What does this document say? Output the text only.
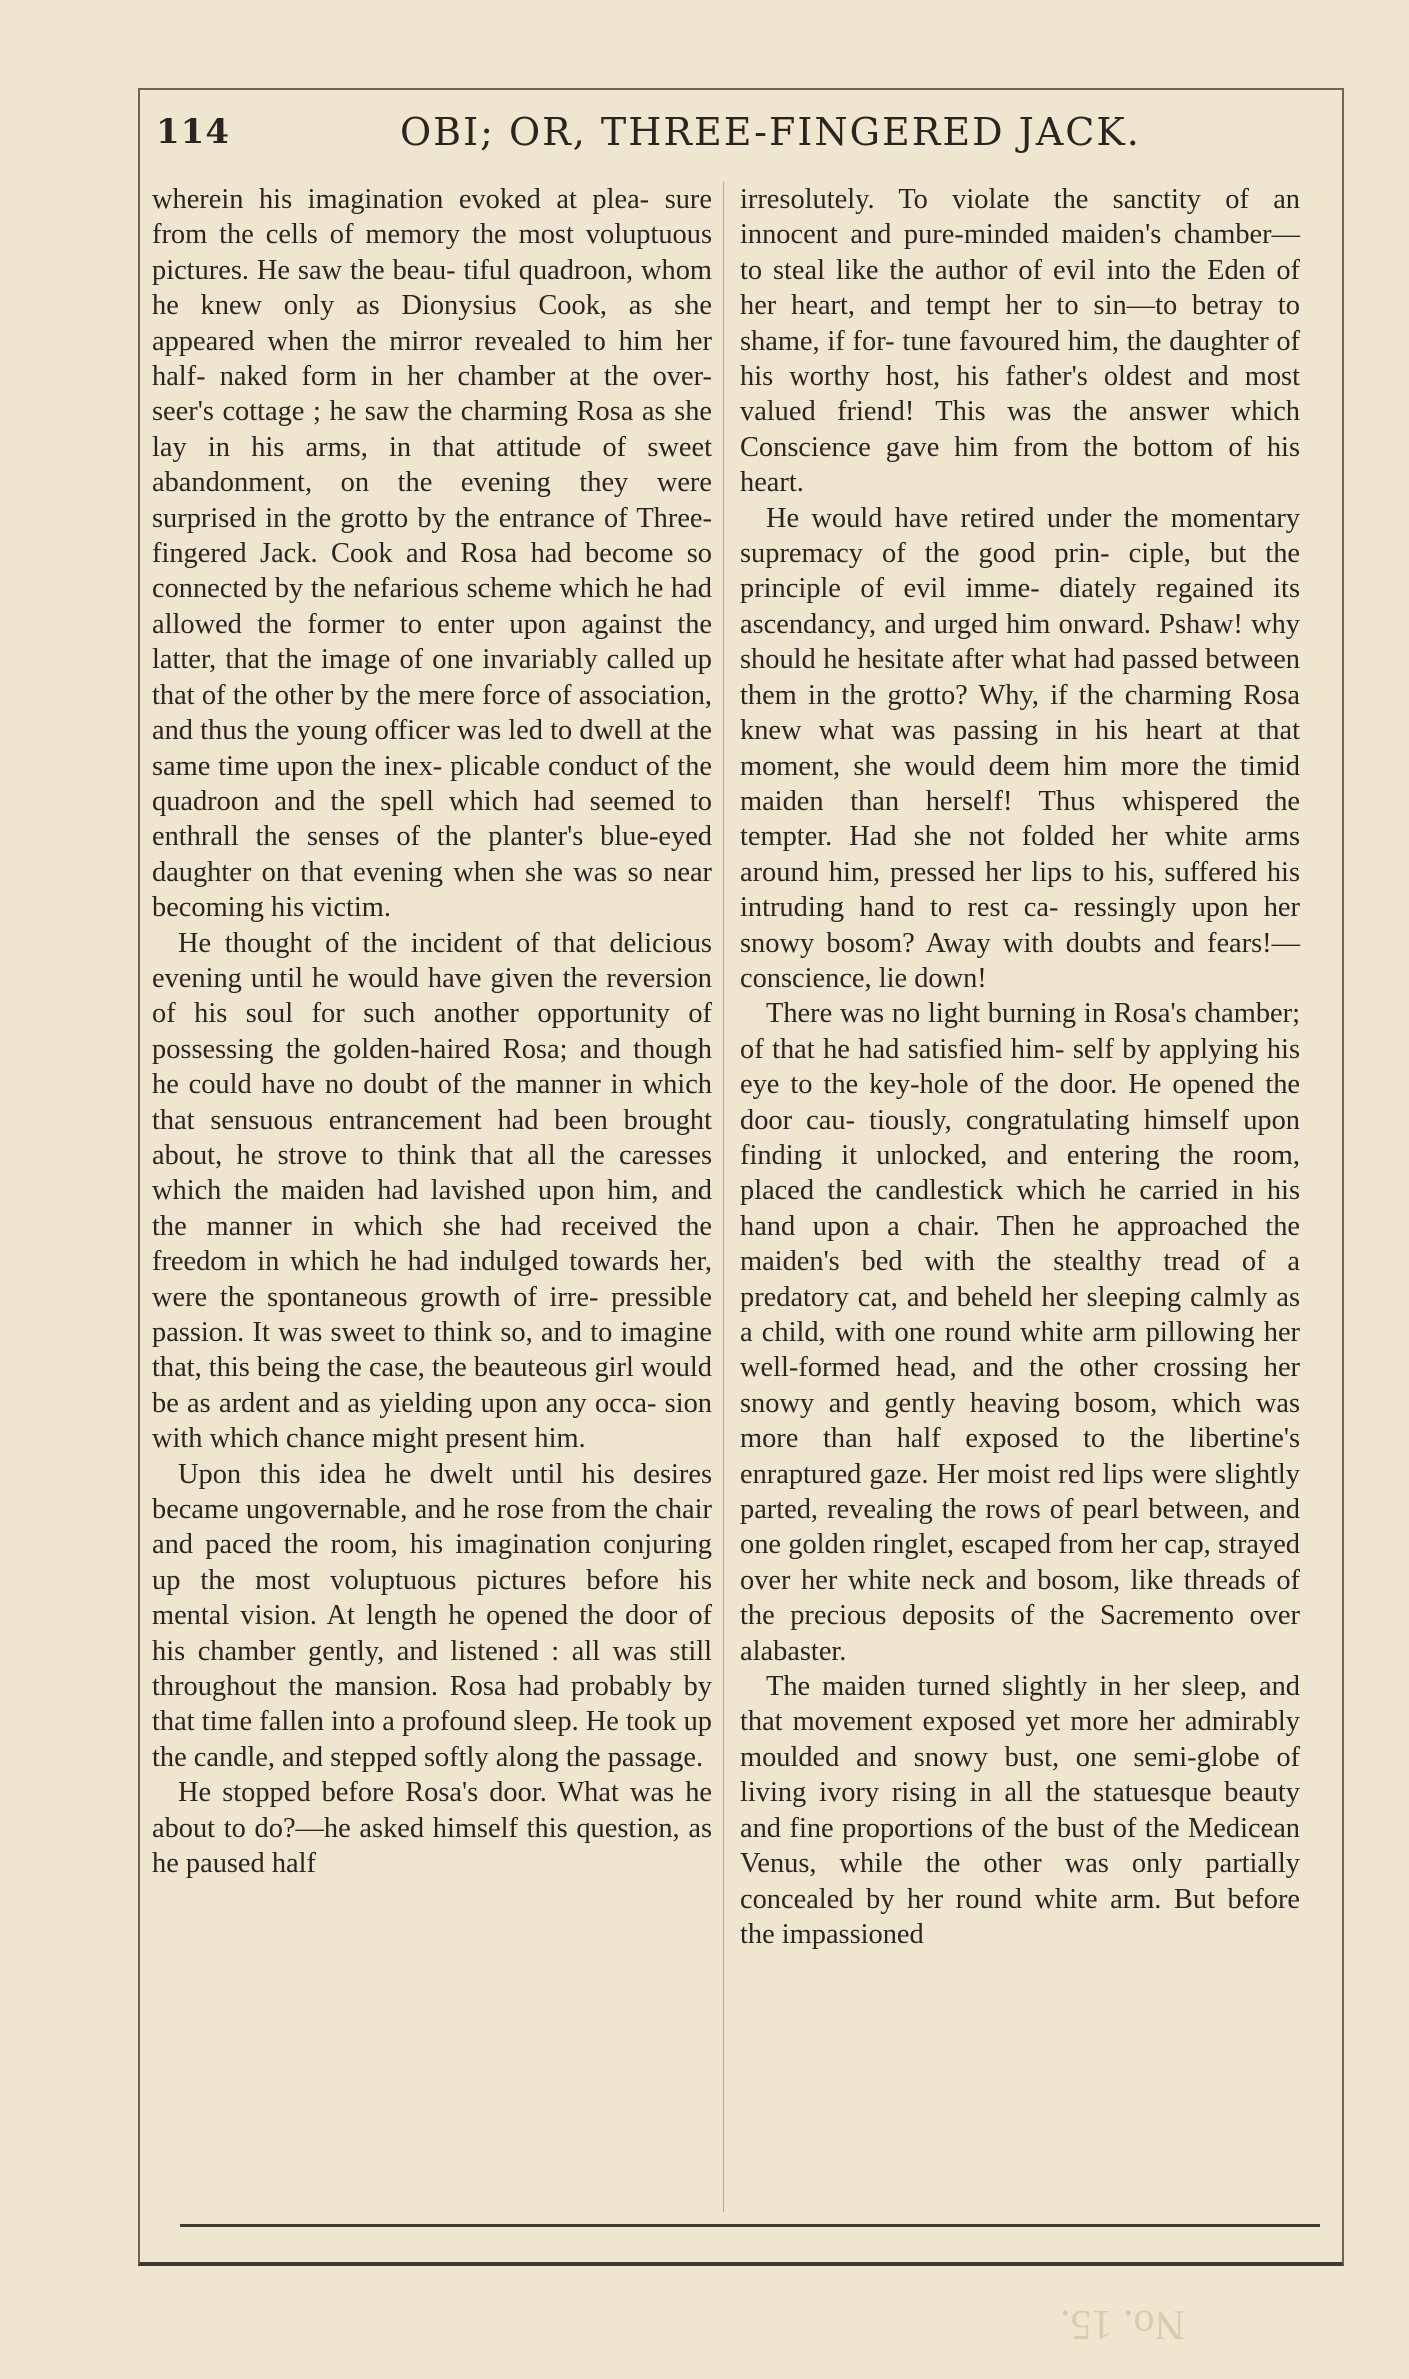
114	OBI; OR, THREE-FINGERED JACK.

wherein his imagination evoked at plea- sure from the cells of memory the most voluptuous pictures. He saw the beau- tiful quadroon, whom he knew only as Dionysius Cook, as she appeared when the mirror revealed to him her half- naked form in her chamber at the over- seer's cottage ; he saw the charming Rosa as she lay in his arms, in that attitude of sweet abandonment, on the evening they were surprised in the grotto by the entrance of Three-fingered Jack. Cook and Rosa had become so connected by the nefarious scheme which he had allowed the former to enter upon against the latter, that the image of one invariably called up that of the other by the mere force of association, and thus the young officer was led to dwell at the same time upon the inex- plicable conduct of the quadroon and the spell which had seemed to enthrall the senses of the planter's blue-eyed daughter on that evening when she was so near becoming his victim.

He thought of the incident of that delicious evening until he would have given the reversion of his soul for such another opportunity of possessing the golden-haired Rosa; and though he could have no doubt of the manner in which that sensuous entrancement had been brought about, he strove to think that all the caresses which the maiden had lavished upon him, and the manner in which she had received the freedom in which he had indulged towards her, were the spontaneous growth of irre- pressible passion. It was sweet to think so, and to imagine that, this being the case, the beauteous girl would be as ardent and as yielding upon any occa- sion with which chance might present him.

Upon this idea he dwelt until his desires became ungovernable, and he rose from the chair and paced the room, his imagination conjuring up the most voluptuous pictures before his mental vision. At length he opened the door of his chamber gently, and listened : all was still throughout the mansion. Rosa had probably by that time fallen into a profound sleep. He took up the candle, and stepped softly along the passage.

He stopped before Rosa's door. What was he about to do?—he asked himself this question, as he paused half

irresolutely. To violate the sanctity of an innocent and pure-minded maiden's chamber—to steal like the author of evil into the Eden of her heart, and tempt her to sin—to betray to shame, if for- tune favoured him, the daughter of his worthy host, his father's oldest and most valued friend! This was the answer which Conscience gave him from the bottom of his heart.

He would have retired under the momentary supremacy of the good prin- ciple, but the principle of evil imme- diately regained its ascendancy, and urged him onward. Pshaw! why should he hesitate after what had passed between them in the grotto? Why, if the charming Rosa knew what was passing in his heart at that moment, she would deem him more the timid maiden than herself! Thus whispered the tempter. Had she not folded her white arms around him, pressed her lips to his, suffered his intruding hand to rest ca- ressingly upon her snowy bosom? Away with doubts and fears!—conscience, lie down!

There was no light burning in Rosa's chamber; of that he had satisfied him- self by applying his eye to the key-hole of the door. He opened the door cau- tiously, congratulating himself upon finding it unlocked, and entering the room, placed the candlestick which he carried in his hand upon a chair. Then he approached the maiden's bed with the stealthy tread of a predatory cat, and beheld her sleeping calmly as a child, with one round white arm pillowing her well-formed head, and the other crossing her snowy and gently heaving bosom, which was more than half exposed to the libertine's enraptured gaze. Her moist red lips were slightly parted, revealing the rows of pearl between, and one golden ringlet, escaped from her cap, strayed over her white neck and bosom, like threads of the precious deposits of the Sacremento over alabaster.

The maiden turned slightly in her sleep, and that movement exposed yet more her admirably moulded and snowy bust, one semi-globe of living ivory rising in all the statuesque beauty and fine proportions of the bust of the Medicean Venus, while the other was only partially concealed by her round white arm. But before the impassioned

No. 15.
